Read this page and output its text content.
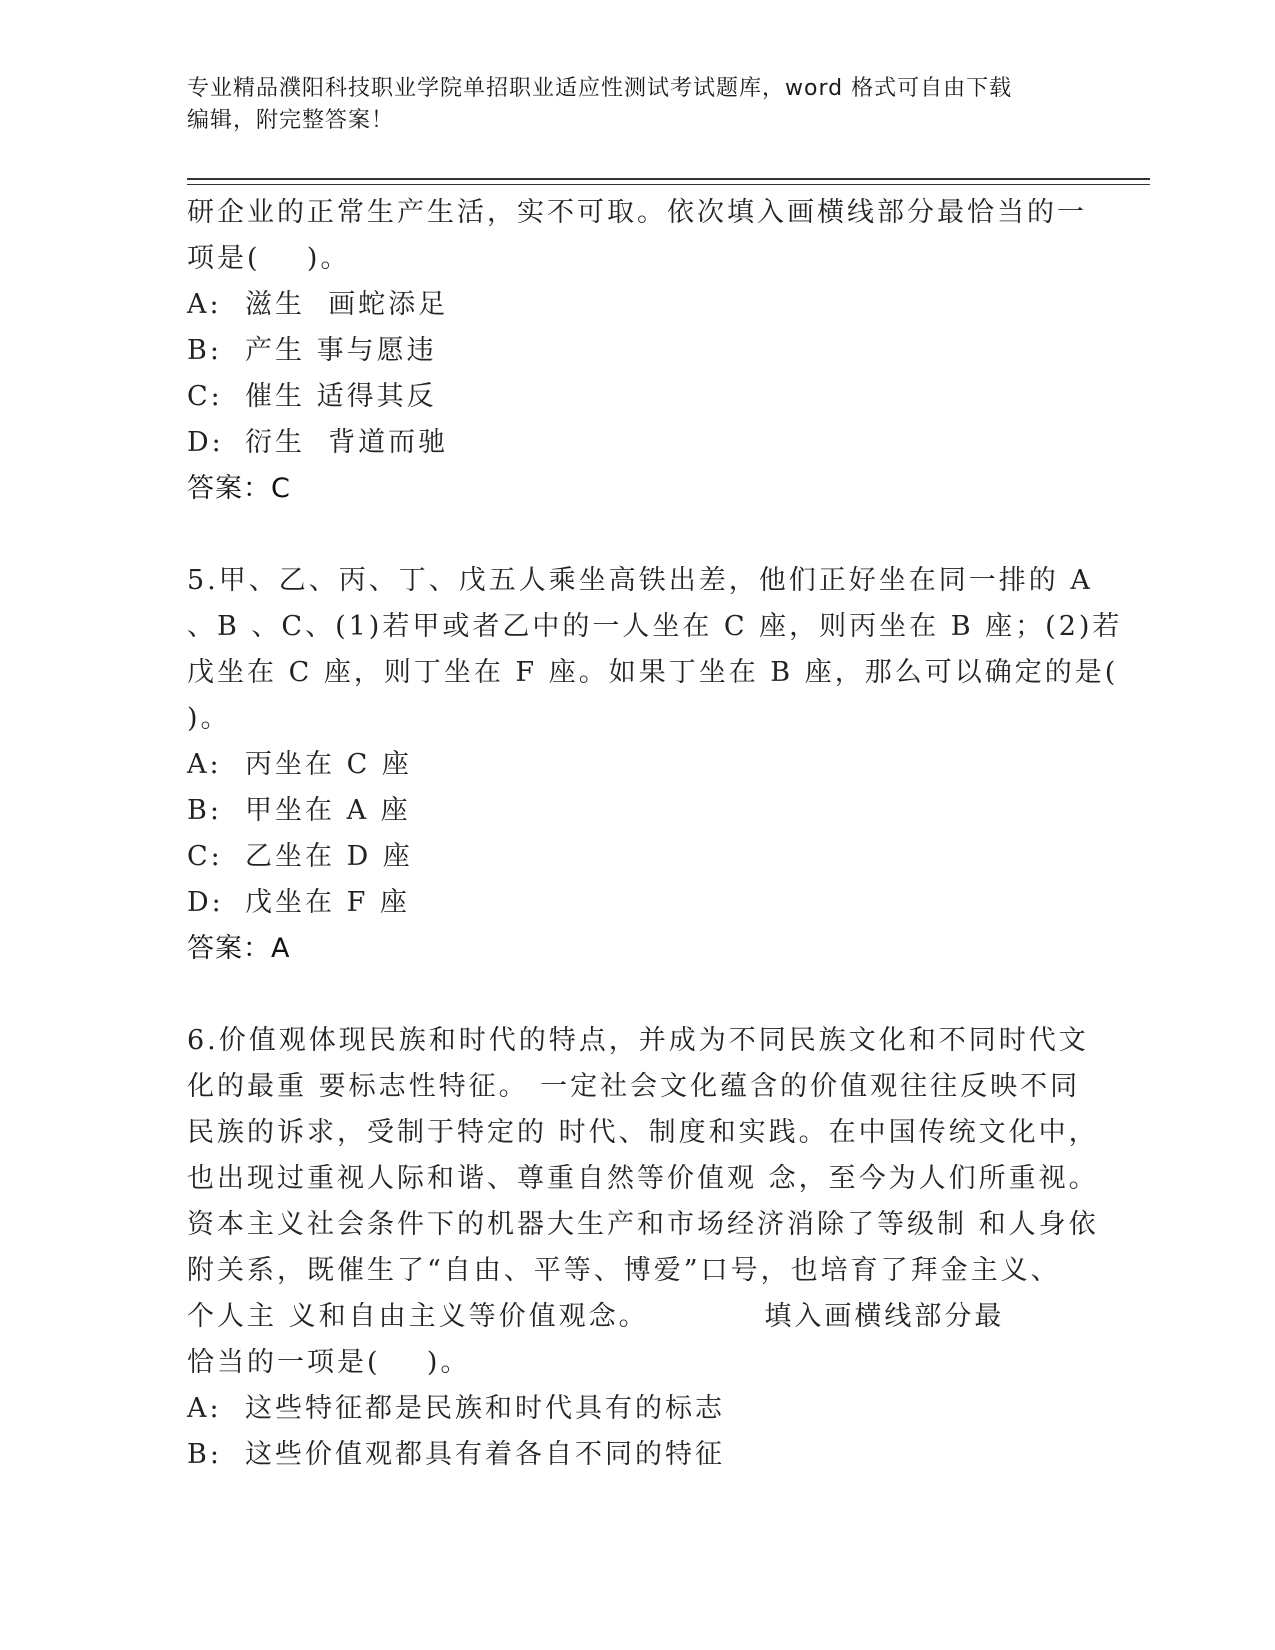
专业精品濮阳科技职业学院单招职业适应性测试考试题库，word 格式可自由下载
编辑，附完整答案！
研企业的正常生产生活，实不可取。依次填入画横线部分最恰当的一
项是(    )。
A: 滋生  画蛇添足
B: 产生 事与愿违
C: 催生 适得其反
D: 衍生  背道而驰
答案：C
5.甲、乙、丙、丁、戊五人乘坐高铁出差，他们正好坐在同一排的 A
、B 、C、(1)若甲或者乙中的一人坐在 C 座，则丙坐在 B 座；(2)若
戊坐在 C 座，则丁坐在 F 座。如果丁坐在 B 座，那么可以确定的是(
)。
A: 丙坐在 C 座
B: 甲坐在 A 座
C: 乙坐在 D 座
D: 戊坐在 F 座
答案：A
6.价值观体现民族和时代的特点，并成为不同民族文化和不同时代文
化的最重 要标志性特征。 一定社会文化蕴含的价值观往往反映不同
民族的诉求，受制于特定的 时代、制度和实践。在中国传统文化中，
也出现过重视人际和谐、尊重自然等价值观 念，至今为人们所重视。
资本主义社会条件下的机器大生产和市场经济消除了等级制 和人身依
附关系，既催生了“自由、平等、博爱”口号，也培育了拜金主义、
个人主 义和自由主义等价值观念。          填入画横线部分最
恰当的一项是(    )。
A: 这些特征都是民族和时代具有的标志
B: 这些价值观都具有着各自不同的特征
